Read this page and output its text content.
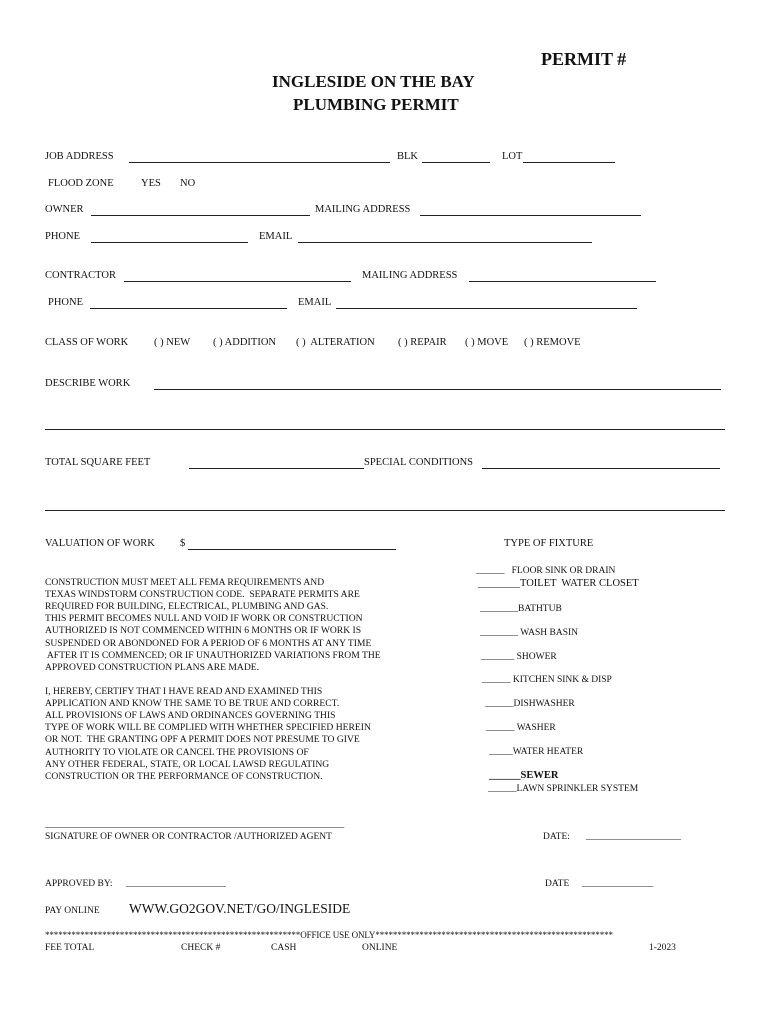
PERMIT #
INGLESIDE ON THE BAY
PLUMBING PERMIT
JOB ADDRESS	BLK	LOT
FLOOD ZONE	YES NO
OWNER	MAILING ADDRESS
PHONE	EMAIL
CONTRACTOR	MAILING ADDRESS
PHONE	EMAIL
CLASS OF WORK ( ) NEW ( ) ADDITION ( )  ALTERATION ( ) REPAIR ( ) MOVE ( ) REMOVE
DESCRIBE WORK
TOTAL SQUARE FEET	SPECIAL CONDITIONS
VALUATION OF WORK $	TYPE OF FIXTURE

CONSTRUCTION MUST MEET ALL FEMA REQUIREMENTS AND
TEXAS WINDSTORM CONSTRUCTION CODE.  SEPARATE PERMITS ARE
REQUIRED FOR BUILDING, ELECTRICAL, PLUMBING AND GAS.
THIS PERMIT BECOMES NULL AND VOID IF WORK OR CONSTRUCTION
AUTHORIZED IS NOT COMMENCED WITHIN 6 MONTHS OR IF WORK IS
SUSPENDED OR ABONDONED FOR A PERIOD OF 6 MONTHS AT ANY TIME
AFTER IT IS COMMENCED; OR IF UNAUTHORIZED VARIATIONS FROM THE
APPROVED CONSTRUCTION PLANS ARE MADE.

I, HEREBY, CERTIFY THAT I HAVE READ AND EXAMINED THIS
APPLICATION AND KNOW THE SAME TO BE TRUE AND CORRECT.
ALL PROVISIONS OF LAWS AND ORDINANCES GOVERNING THIS
TYPE OF WORK WILL BE COMPLIED WITH WHETHER SPECIFIED HEREIN
OR NOT.  THE GRANTING OPF A PERMIT DOES NOT PRESUME TO GIVE
AUTHORITY TO VIOLATE OR CANCEL THE PROVISIONS OF
ANY OTHER FEDERAL, STATE, OR LOCAL LAWSD REGULATING
CONSTRUCTION OR THE PERFORMANCE OF CONSTRUCTION.

______ FLOOR SINK OR DRAIN
________TOILET  WATER CLOSET
________BATHTUB
________ WASH BASIN
_______ SHOWER
______ KITCHEN SINK & DISP
______DISHWASHER
______ WASHER
_____WATER HEATER
______SEWER
______LAWN SPRINKLER SYSTEM
_______________________________________________________________
SIGNATURE OF OWNER OR CONTRACTOR /AUTHORIZED AGENT	DATE: ____________________
APPROVED BY: _____________________	DATE _______________
PAY ONLINE WWW.GO2GOV.NET/GO/INGLESIDE
**********************************************************OFFICE USE ONLY******************************************************
FEE TOTAL	CHECK #	CASH	ONLINE	1-2023
